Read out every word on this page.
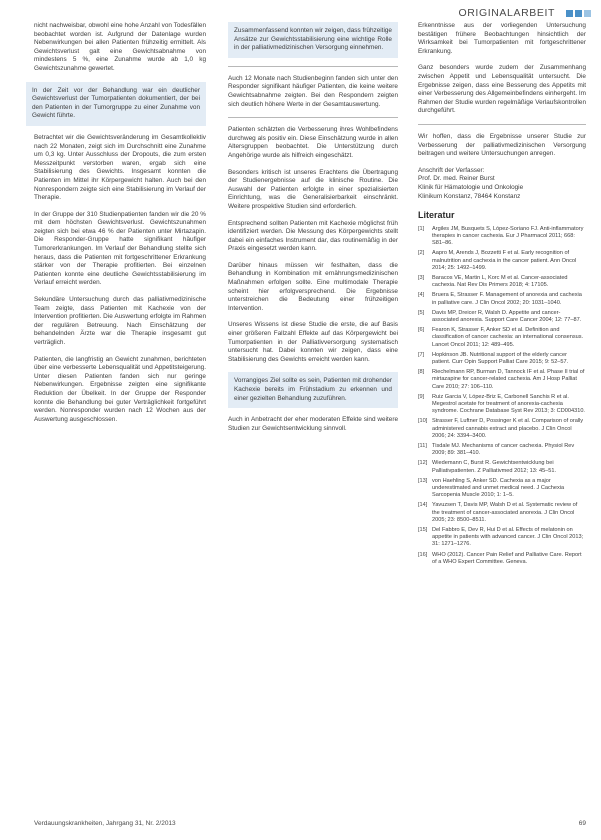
ORIGINALARBEIT

nicht nachweisbar, obwohl eine hohe Anzahl von Todesfällen beobachtet worden ist. Aufgrund der Datenlage wurden Nebenwirkungen bei allen Patienten frühzeitig ermittelt. Als Gewichtsverlust galt eine Gewichtsabnahme von mindestens 5 %, eine Zunahme wurde ab 1,0 kg Gewichtszunahme gewertet.

In der Zeit vor der Behandlung war ein deutlicher Gewichtsverlust der Tumorpatienten dokumentiert, der bei den Patienten in der Tumorgruppe zu einer Zunahme von Gewicht führte.

Betrachtet wir die Gewichtsveränderung im Gesamtkollektiv nach 22 Monaten, zeigt sich im Durchschnitt eine Zunahme um 0,3 kg. Unter Ausschluss der Dropouts, die zum ersten Messzeitpunkt verstorben waren, ergab sich eine Stabilisierung des Gewichts. Insgesamt konnten die Patienten im Mittel ihr Körpergewicht halten. Auch bei den Nonrespondern zeigte sich eine Stabilisierung im Verlauf der Therapie.

In der Gruppe der 310 Studienpatienten fanden wir die 20 % mit dem höchsten Gewichtsverlust. Gewichtszunahmen zeigten sich bei etwa 46 % der Patienten unter Mirtazapin. Die Responder-Gruppe hatte signifikant häufiger Tumorerkrankungen. Im Verlauf der Behandlung stellte sich heraus, dass die Patienten mit fortgeschrittener Erkrankung stärker von der Therapie profitierten. Bei einzelnen Patienten konnte eine deutliche Gewichtsstabilisierung im Verlauf erreicht werden.

Sekundäre Untersuchung durch das palliativmedizinische Team zeigte, dass Patienten mit Kachexie von der Intervention profitierten. Die Auswertung erfolgte im Rahmen der regulären Betreuung. Nach Einschätzung der behandelnden Ärzte war die Therapie insgesamt gut verträglich.

Patienten, die langfristig an Gewicht zunahmen, berichteten über eine verbesserte Lebensqualität und Appetitsteigerung. Unter diesen Patienten fanden sich nur geringe Nebenwirkungen. Ergebnisse zeigten eine signifikante Reduktion der Übelkeit. In der Gruppe der Responder konnte die Behandlung bei guter Verträglichkeit fortgeführt werden. Nonresponder wurden nach 12 Wochen aus der Auswertung ausgeschlossen.

Zusammenfassend konnten wir zeigen, dass frühzeitige Ansätze zur Gewichtsstabilisierung eine wichtige Rolle in der palliativmedizinischen Versorgung einnehmen.

Auch 12 Monate nach Studienbeginn fanden sich unter den Responder signifikant häufiger Patienten, die keine weitere Gewichtsabnahme zeigten. Bei den Respondern zeigten sich deutlich höhere Werte in der Gesamtauswertung.

Patienten schätzten die Verbesserung ihres Wohlbefindens durchweg als positiv ein. Diese Einschätzung wurde in allen Altersgruppen beobachtet. Die Unterstützung durch Angehörige wurde als hilfreich eingeschätzt.

Besonders kritisch ist unseres Erachtens die Übertragung der Studienergebnisse auf die klinische Routine. Die Auswahl der Patienten erfolgte in einer spezialisierten Einrichtung, was die Generalisierbarkeit einschränkt. Weitere prospektive Studien sind erforderlich.

Entsprechend sollten Patienten mit Kachexie möglichst früh identifiziert werden. Die Messung des Körpergewichts stellt dabei ein einfaches Instrument dar, das routinemäßig in der Praxis eingesetzt werden kann.

Darüber hinaus müssen wir festhalten, dass die Behandlung in Kombination mit ernährungsmedizinischen Maßnahmen erfolgen sollte. Eine multimodale Therapie scheint hier erfolgversprechend. Die Ergebnisse unterstreichen die Bedeutung einer frühzeitigen Intervention.

Unseres Wissens ist diese Studie die erste, die auf Basis einer größeren Fallzahl Effekte auf das Körpergewicht bei Tumorpatienten in der Palliativversorgung systematisch untersucht hat. Dabei konnten wir zeigen, dass eine Stabilisierung des Gewichts erreicht werden kann.

Vorrangiges Ziel sollte es sein, Patienten mit drohender Kachexie bereits im Frühstadium zu erkennen und einer gezielten Behandlung zuzuführen.

Auch in Anbetracht der eher moderaten Effekte sind weitere Studien zur Gewichtsentwicklung sinnvoll.

Erkenntnisse aus der vorliegenden Untersuchung bestätigen frühere Beobachtungen hinsichtlich der Wirksamkeit bei Tumorpatienten mit fortgeschrittener Erkrankung.

Ganz besonders wurde zudem der Zusammenhang zwischen Appetit und Lebensqualität untersucht. Die Ergebnisse zeigen, dass eine Besserung des Appetits mit einer Verbesserung des Allgemeinbefindens einhergeht. Im Rahmen der Studie wurden regelmäßige Verlaufskontrollen durchgeführt.

Wir hoffen, dass die Ergebnisse unserer Studie zur Verbesserung der palliativmedizinischen Versorgung beitragen und weitere Untersuchungen anregen.

Anschrift der Verfasser:
Prof. Dr. med. Reiner Burst
Klinik für Hämatologie und Onkologie
Klinikum Konstanz, 78464 Konstanz
Literatur
[1]	Argiles JM, Busquets S, López-Soriano FJ. Anti-inflammatory therapies in cancer cachexia. Eur J Pharmacol 2011; 668: S81–86.
[2]	Aapro M, Arends J, Bozzetti F et al. Early recognition of malnutrition and cachexia in the cancer patient. Ann Oncol 2014; 25: 1492–1499.
[3]	Baracos VE, Martin L, Korc M et al. Cancer-associated cachexia. Nat Rev Dis Primers 2018; 4: 17105.
[4]	Bruera E, Strasser F. Management of anorexia and cachexia in palliative care. J Clin Oncol 2002; 20: 1031–1040.
[5]	Davis MP, Dreicer R, Walsh D. Appetite and cancer-associated anorexia. Support Care Cancer 2004; 12: 77–87.
[6]	Fearon K, Strasser F, Anker SD et al. Definition and classification of cancer cachexia: an international consensus. Lancet Oncol 2011; 12: 489–495.
[7]	Hopkinson JB. Nutritional support of the elderly cancer patient. Curr Opin Support Palliat Care 2015; 9: 52–57.
[8]	Riechelmann RP, Burman D, Tannock IF et al. Phase II trial of mirtazapine for cancer-related cachexia. Am J Hosp Palliat Care 2010; 27: 106–110.
[9]	Ruiz Garcia V, López-Briz E, Carbonell Sanchis R et al. Megestrol acetate for treatment of anorexia-cachexia syndrome. Cochrane Database Syst Rev 2013; 3: CD004310.
[10] Strasser F, Luftner D, Possinger K et al. Comparison of orally administered cannabis extract and placebo. J Clin Oncol 2006; 24: 3394–3400.
[11] Tisdale MJ. Mechanisms of cancer cachexia. Physiol Rev 2009; 89: 381–410.
[12] Wiedemann C, Burst R. Gewichtsentwicklung bei Palliativpatienten. Z Palliativmed 2012; 13: 45–51.
[13] von Haehling S, Anker SD. Cachexia as a major underestimated and unmet medical need. J Cachexia Sarcopenia Muscle 2010; 1: 1–5.
[14] Yavuzsen T, Davis MP, Walsh D et al. Systematic review of the treatment of cancer-associated anorexia. J Clin Oncol 2005; 23: 8500–8511.
[15] Del Fabbro E, Dev R, Hui D et al. Effects of melatonin on appetite in patients with advanced cancer. J Clin Oncol 2013; 31: 1271–1276.
[16] WHO (2012). Cancer Pain Relief and Palliative Care. Report of a WHO Expert Committee. Geneva.
Verdauungskrankheiten, Jahrgang 31, Nr. 2/2013	69
